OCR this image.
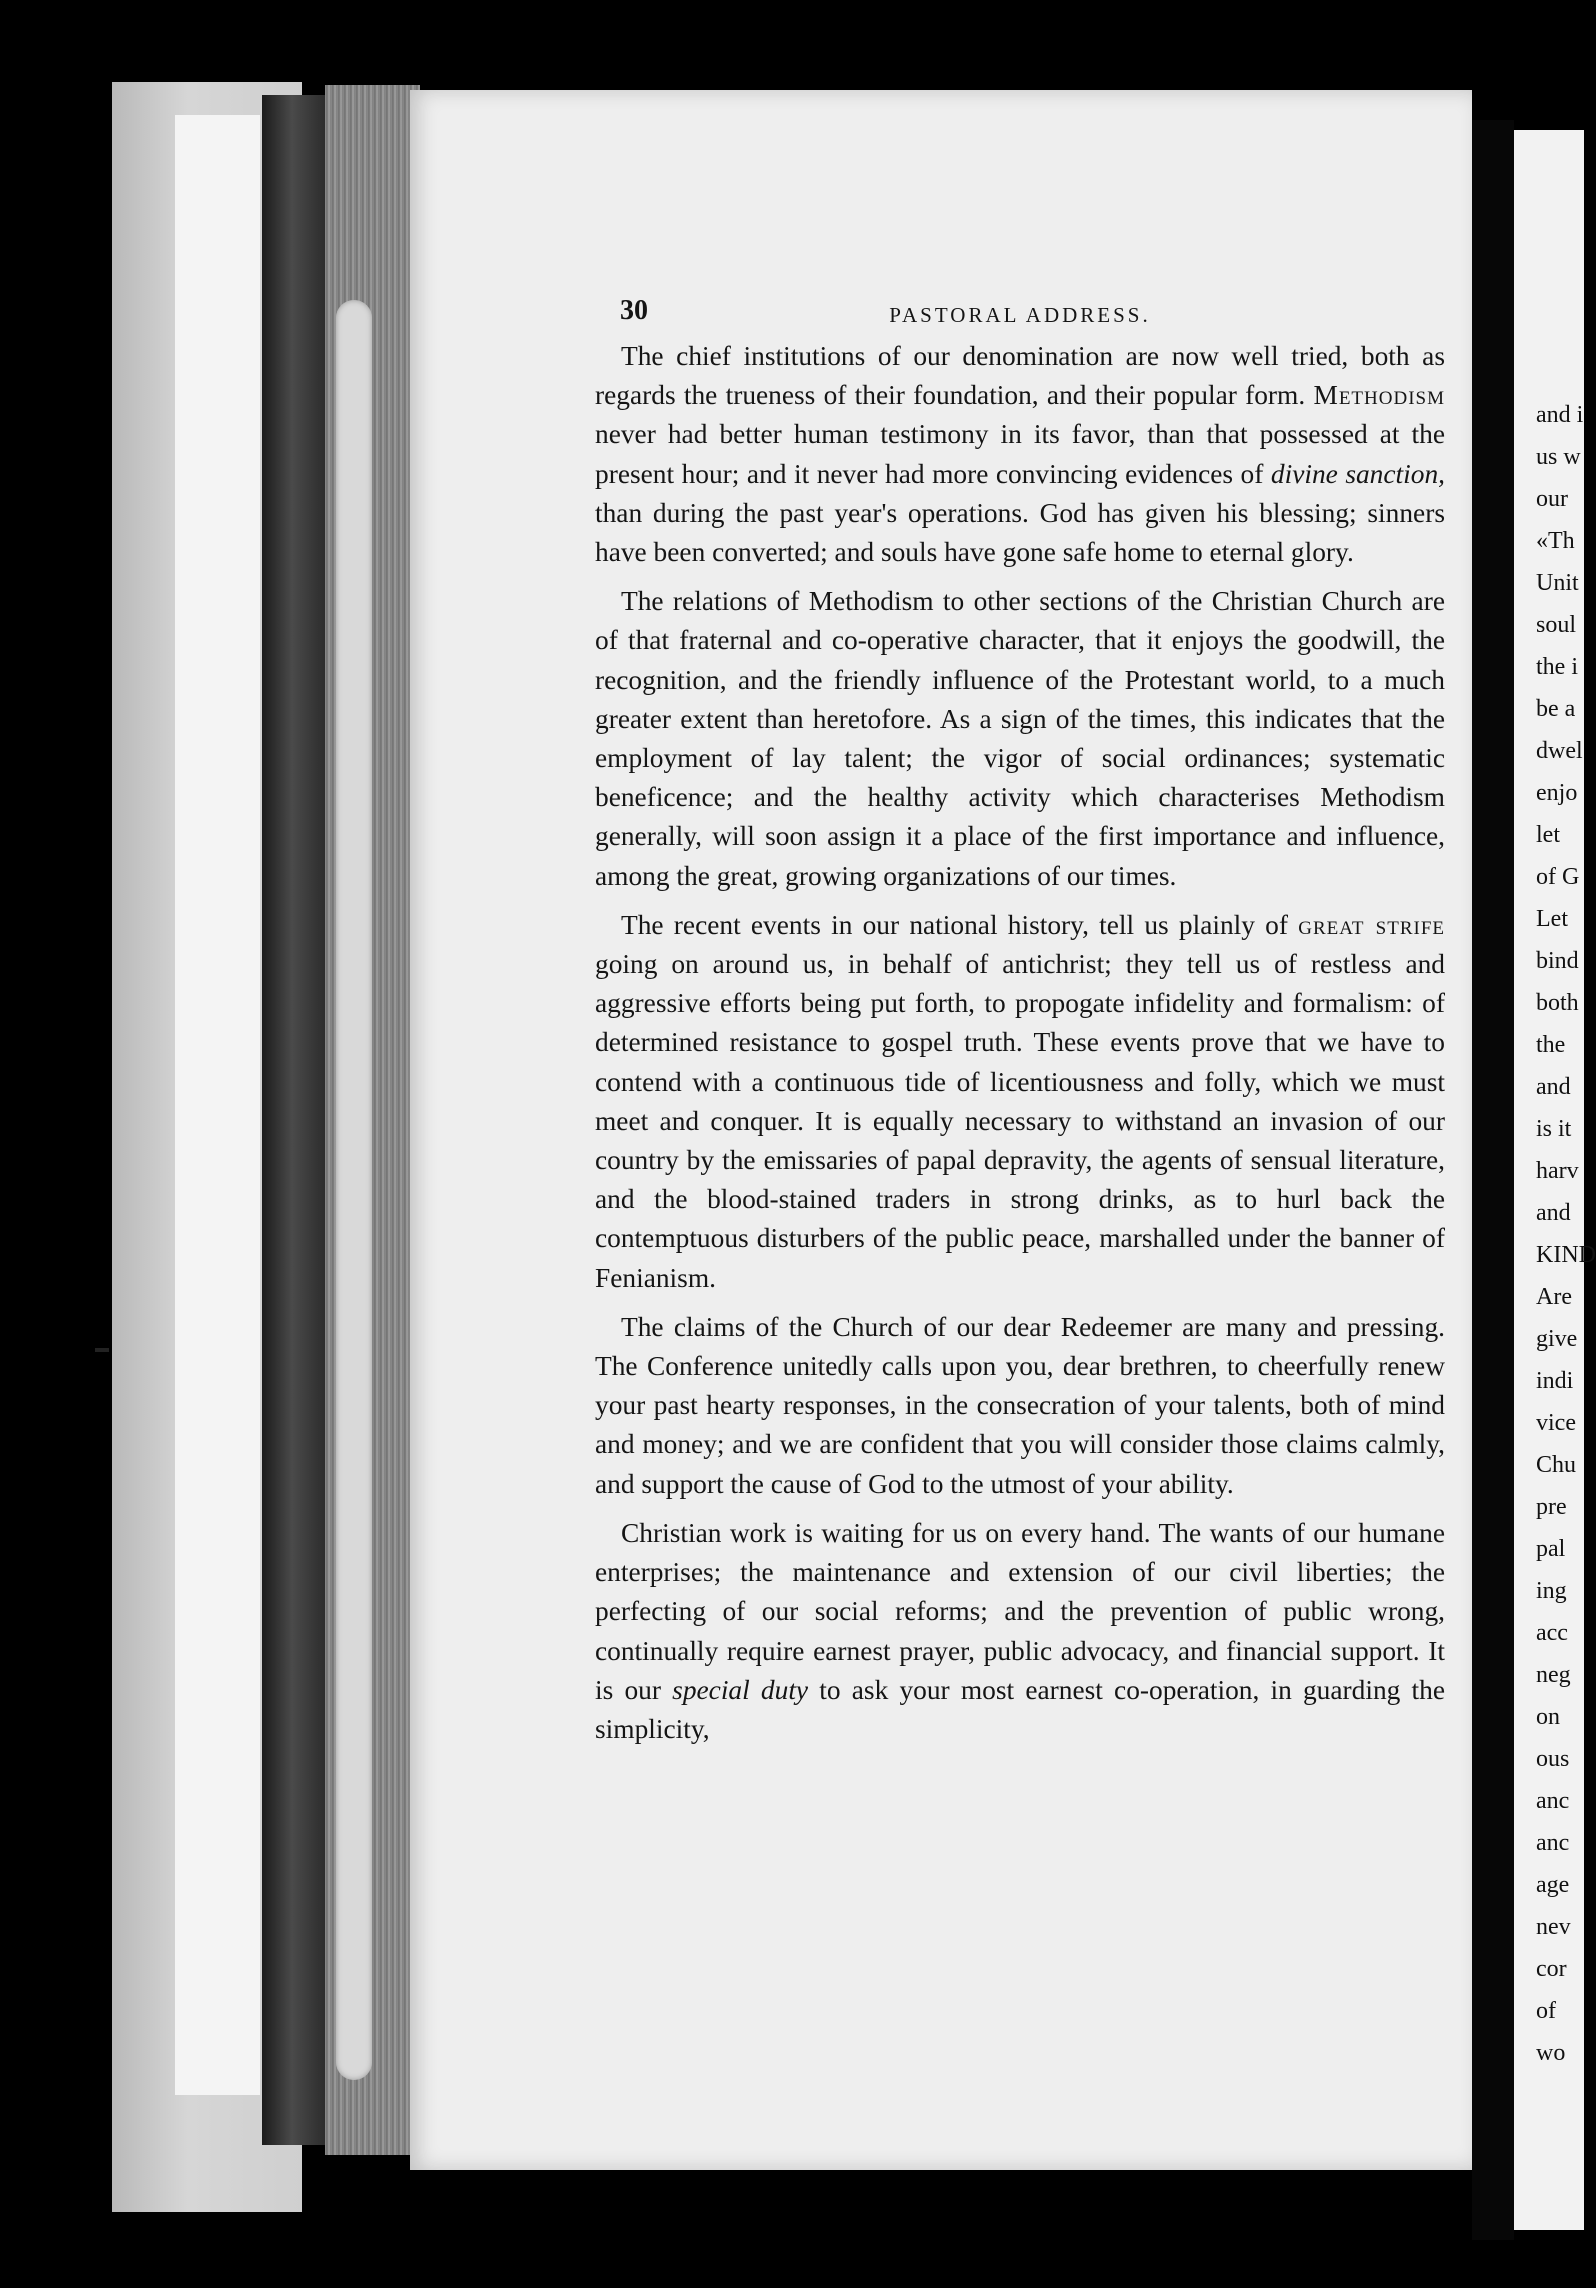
30	PASTORAL ADDRESS.

The chief institutions of our denomination are now well tried, both as regards the trueness of their foundation, and their popular form. Methodism never had better human testimony in its favor, than that possessed at the present hour; and it never had more convincing evidences of divine sanction, than during the past year's operations. God has given his blessing; sinners have been converted; and souls have gone safe home to eternal glory.

The relations of Methodism to other sections of the Christian Church are of that fraternal and co-operative character, that it enjoys the goodwill, the recognition, and the friendly influence of the Protestant world, to a much greater extent than heretofore. As a sign of the times, this indicates that the employment of lay talent; the vigor of social ordinances; systematic beneficence; and the healthy activity which characterises Methodism generally, will soon assign it a place of the first importance and influence, among the great, growing organizations of our times.

The recent events in our national history, tell us plainly of great strife going on around us, in behalf of antichrist; they tell us of restless and aggressive efforts being put forth, to propogate infidelity and formalism: of determined resistance to gospel truth. These events prove that we have to contend with a continuous tide of licentiousness and folly, which we must meet and conquer. It is equally necessary to withstand an invasion of our country by the emissaries of papal depravity, the agents of sensual literature, and the blood-stained traders in strong drinks, as to hurl back the contemptuous disturbers of the public peace, marshalled under the banner of Fenianism.

The claims of the Church of our dear Redeemer are many and pressing. The Conference unitedly calls upon you, dear brethren, to cheerfully renew your past hearty responses, in the consecration of your talents, both of mind and money; and we are confident that you will consider those claims calmly, and support the cause of God to the utmost of your ability.

Christian work is waiting for us on every hand. The wants of our humane enterprises; the maintenance and extension of our civil liberties; the perfecting of our social reforms; and the prevention of public wrong, continually require earnest prayer, public advocacy, and financial support. It is our special duty to ask your most earnest co-operation, in guarding the simplicity,

and i
us w
our
«Th
Unit
soul
the i
be a
dwel
enjo
let
of G
Let
bind
both
the
and
is it
harv
and
KIND
Are
give
indi
vice
Chu
pre
pal
ing
acc
neg
on
ous
anc
anc
age
nev
cor
of
wo
